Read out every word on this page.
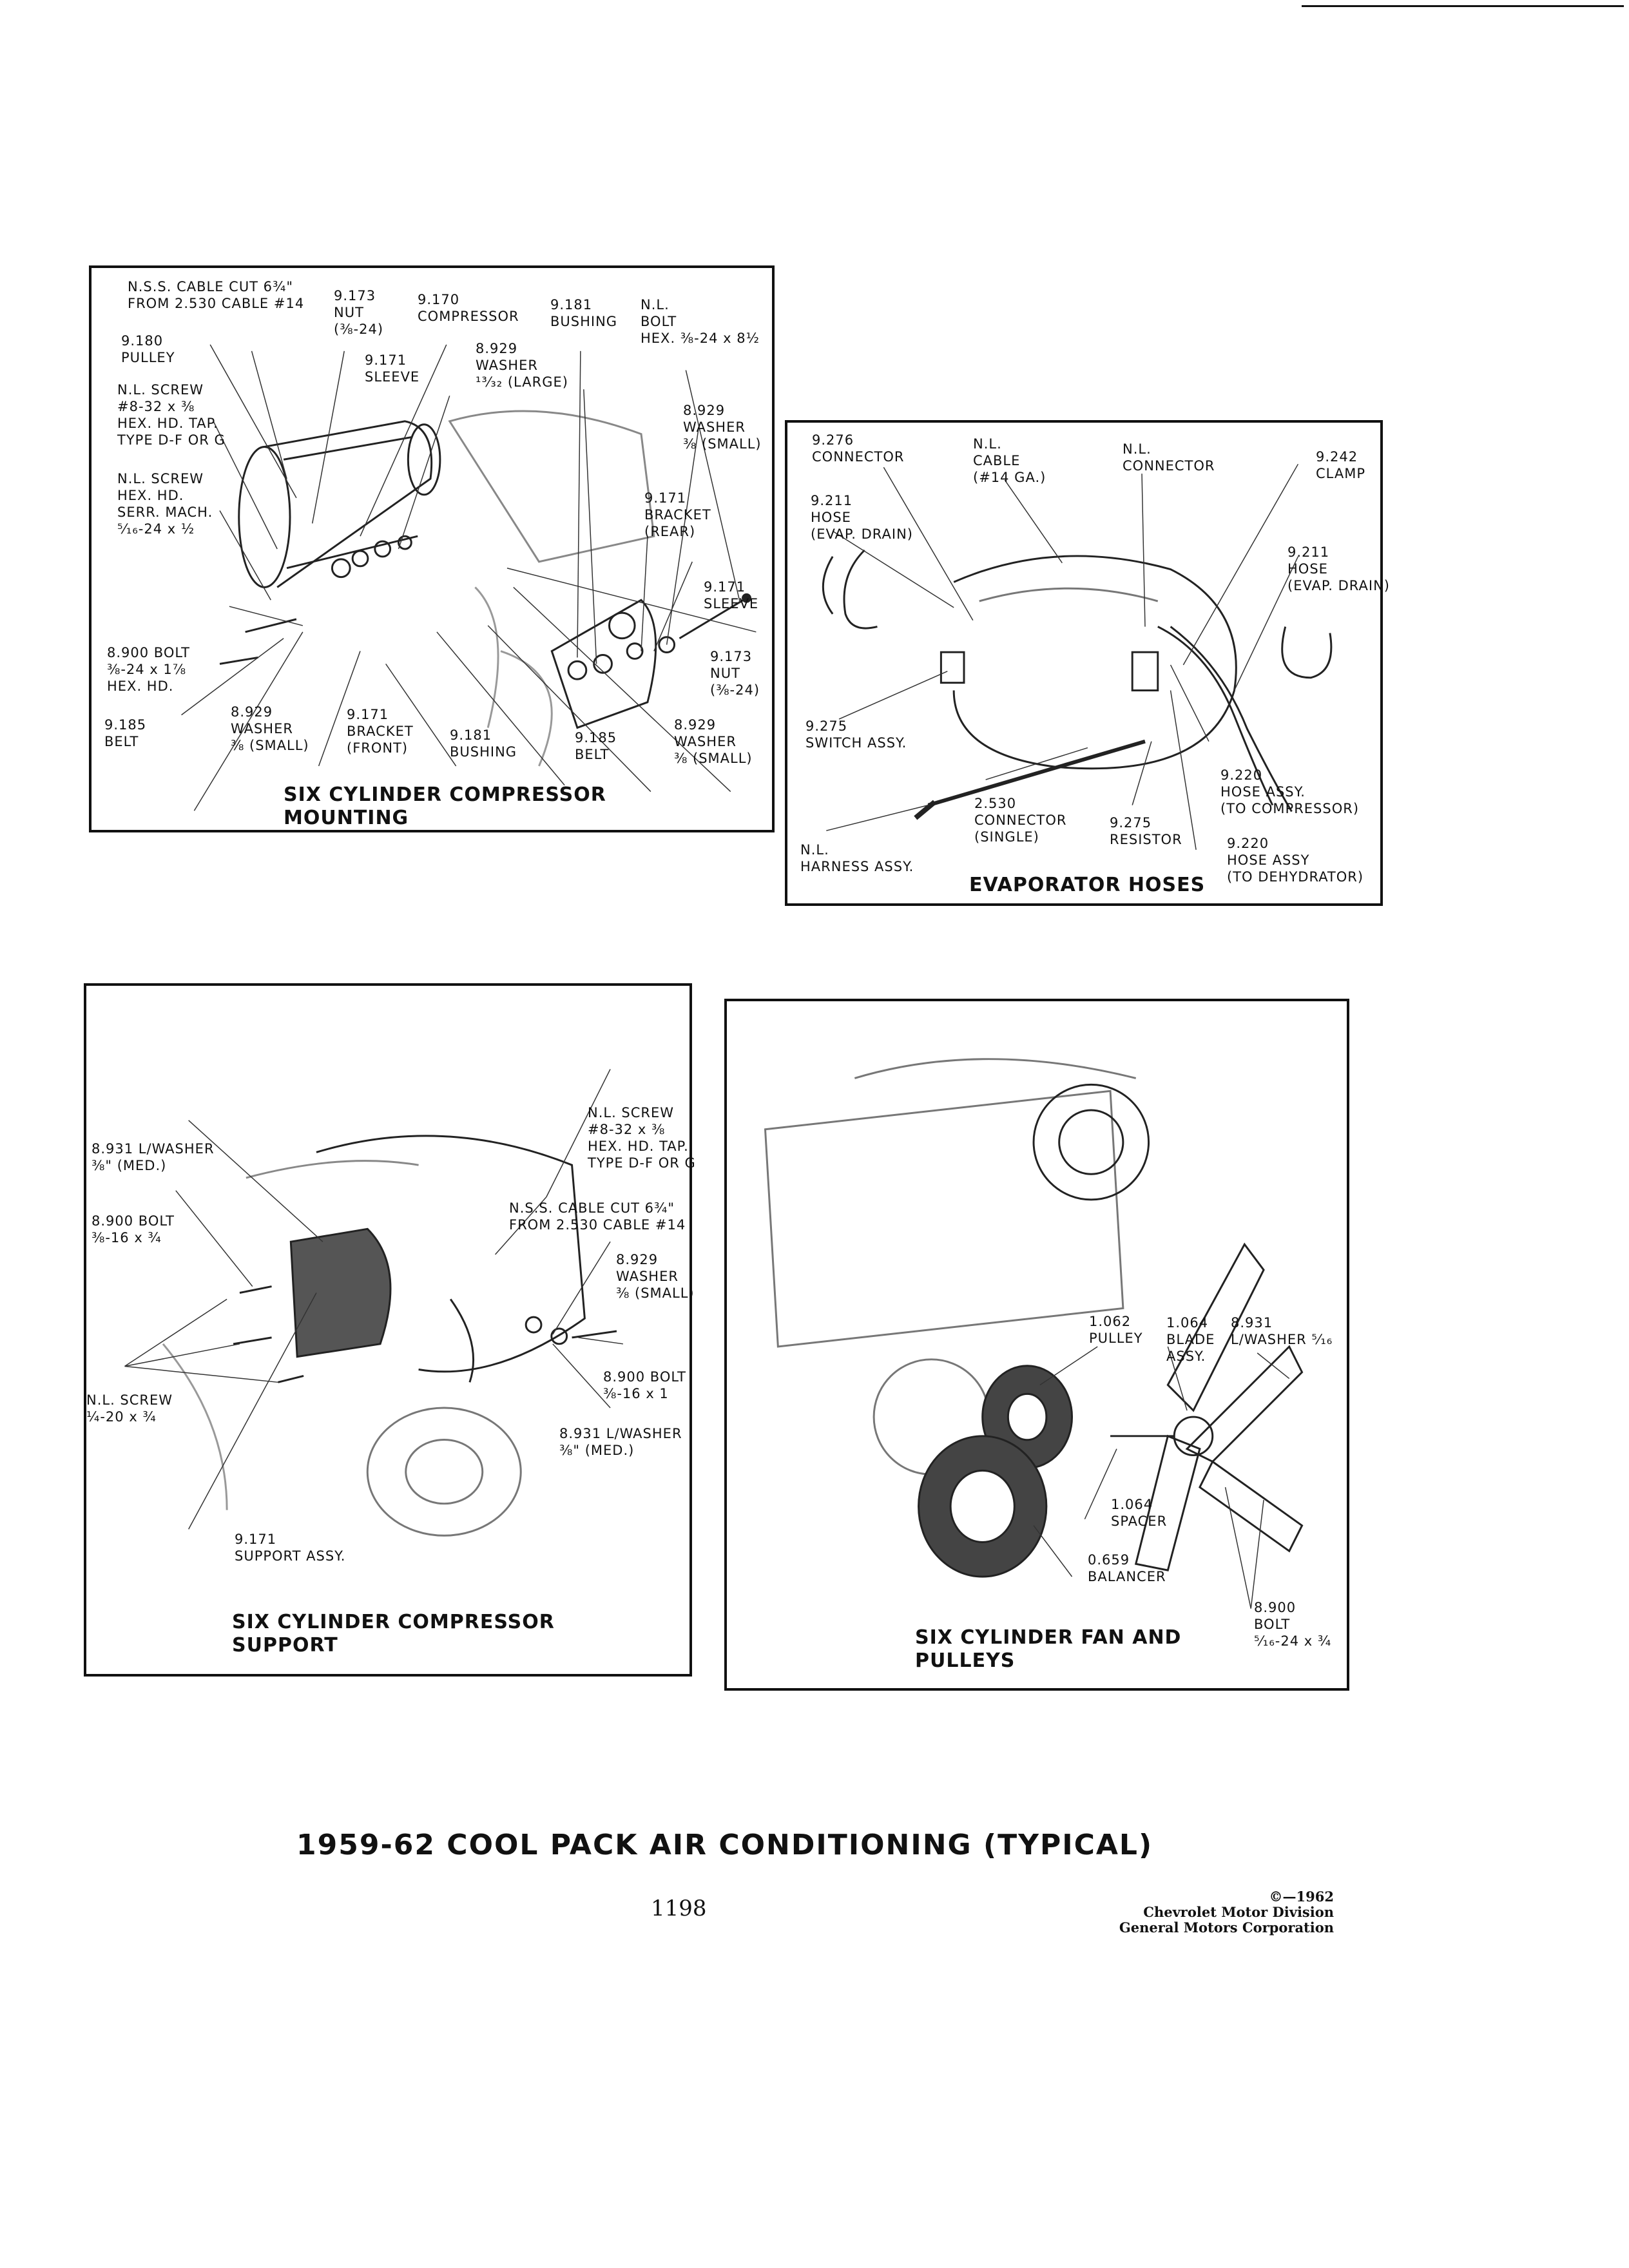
N.S.S. CABLE CUT 6¾"
FROM 2.530 CABLE #14 9.173
NUT
(⅜-24)
9.170
COMPRESSOR
9.181
BUSHING
N.L.
BOLT
HEX. ⅜-24 x 8½
9.180
PULLEY	9.171
SLEEVE
8.929
WASHER
¹³⁄₃₂ (LARGE)
N.L. SCREW
#8-32 x ⅜
HEX. HD. TAP.
TYPE D-F OR G
8.929
WASHER
⅜ (SMALL)
N.L. SCREW
HEX. HD.
SERR. MACH.
⁵⁄₁₆-24 x ½
9.171
BRACKET
(REAR)
9.171
SLEEVE
8.900 BOLT
⅜-24 x 1⅞
HEX. HD.
9.173
NUT
(⅜-24)
9.185
BELT
8.929
WASHER
⅜ (SMALL)
9.171
BRACKET
(FRONT)
9.181
BUSHING
9.185
BELT
8.929
WASHER
⅜ (SMALL)
SIX CYLINDER COMPRESSOR
MOUNTING
9.276
CONNECTOR
N.L.
CABLE
(#14 GA.)
N.L.
CONNECTOR
9.242
CLAMP
9.211
HOSE
(EVAP. DRAIN)
9.211
HOSE
(EVAP. DRAIN)
9.275
SWITCH ASSY.
9.220
HOSE ASSY.
(TO COMPRESSOR)
2.530
CONNECTOR
(SINGLE)
9.275
RESISTOR	9.220
HOSE ASSY
(TO DEHYDRATOR)
N.L.
HARNESS ASSY.
EVAPORATOR HOSES
N.L. SCREW
#8-32 x ⅜
HEX. HD. TAP.
TYPE D-F OR G
8.931 L/WASHER
⅜" (MED.)
N.S.S. CABLE CUT 6¾"
FROM 2.530 CABLE #14
8.900 BOLT
⅜-16 x ¾
8.929
WASHER
⅜ (SMALL)
N.L. SCREW
¼-20 x ¾
8.900 BOLT
⅜-16 x 1
8.931 L/WASHER
⅜" (MED.)
9.171
SUPPORT ASSY.
SIX CYLINDER COMPRESSOR
SUPPORT
1.062
PULLEY
1.064
BLADE
ASSY.
8.931
L/WASHER ⁵⁄₁₆
1.064
SPACER
0.659
BALANCER
8.900
BOLT
⁵⁄₁₆-24 x ¾
SIX CYLINDER FAN AND
PULLEYS
1959-62 COOL PACK AIR CONDITIONING (TYPICAL)
1198	©—1962
Chevrolet Motor Division
General Motors Corporation
